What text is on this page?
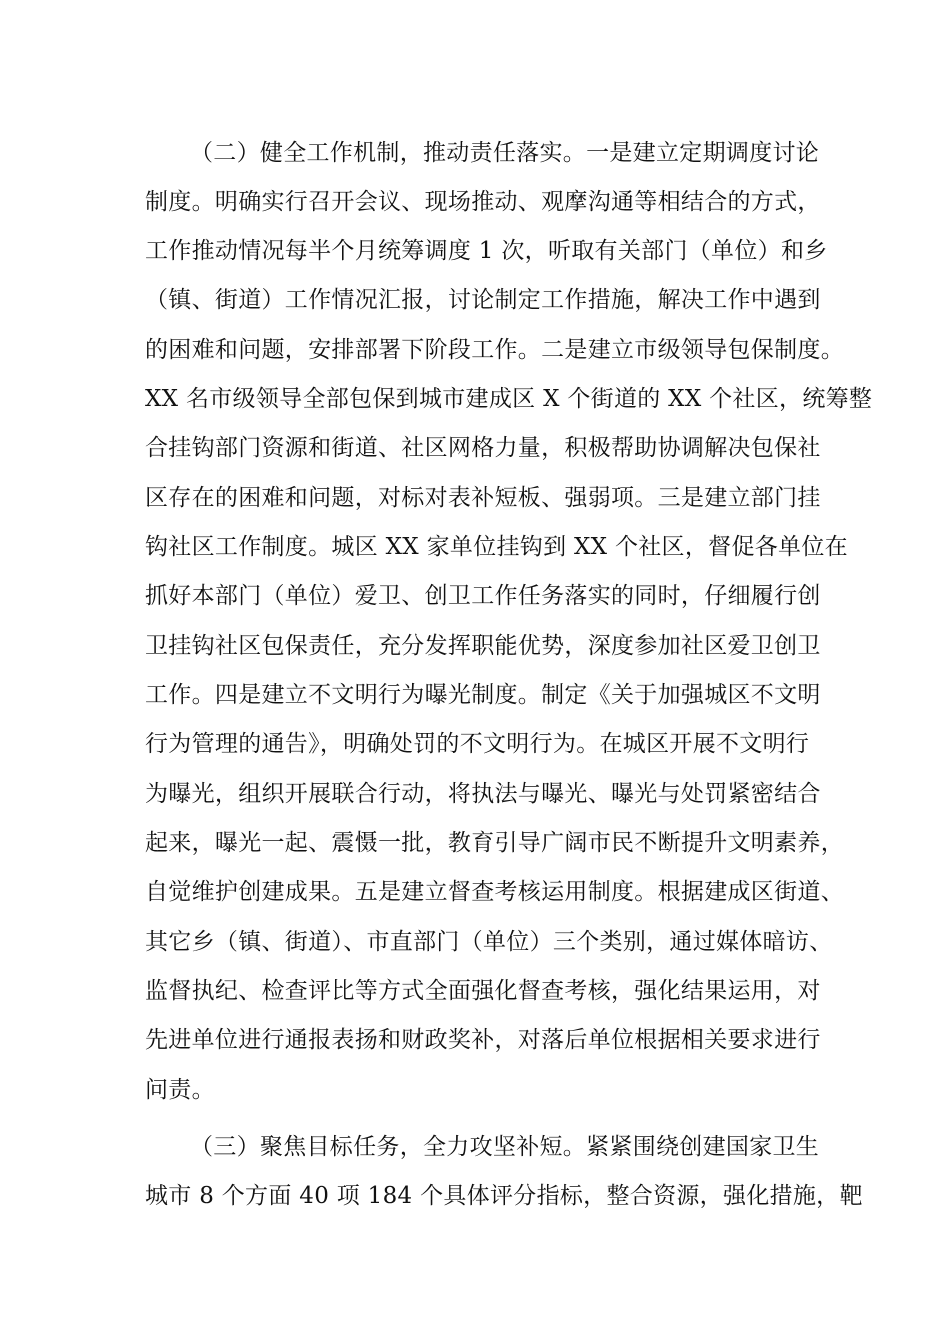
（二）健全工作机制，推动责任落实。一是建立定期调度讨论
制度。明确实行召开会议、现场推动、观摩沟通等相结合的方式，
工作推动情况每半个月统筹调度 1 次，听取有关部门（单位）和乡
（镇、街道）工作情况汇报，讨论制定工作措施，解决工作中遇到
的困难和问题，安排部署下阶段工作。二是建立市级领导包保制度。
XX 名市级领导全部包保到城市建成区 X 个街道的 XX 个社区，统筹整
合挂钩部门资源和街道、社区网格力量，积极帮助协调解决包保社
区存在的困难和问题，对标对表补短板、强弱项。三是建立部门挂
钩社区工作制度。城区 XX 家单位挂钩到 XX 个社区，督促各单位在
抓好本部门（单位）爱卫、创卫工作任务落实的同时，仔细履行创
卫挂钩社区包保责任，充分发挥职能优势，深度参加社区爱卫创卫
工作。四是建立不文明行为曝光制度。制定《关于加强城区不文明
行为管理的通告》，明确处罚的不文明行为。在城区开展不文明行
为曝光，组织开展联合行动，将执法与曝光、曝光与处罚紧密结合
起来，曝光一起、震慑一批，教育引导广阔市民不断提升文明素养，
自觉维护创建成果。五是建立督查考核运用制度。根据建成区街道、
其它乡（镇、街道）、市直部门（单位）三个类别，通过媒体暗访、
监督执纪、检查评比等方式全面强化督查考核，强化结果运用，对
先进单位进行通报表扬和财政奖补，对落后单位根据相关要求进行
问责。
（三）聚焦目标任务，全力攻坚补短。紧紧围绕创建国家卫生
城市 8 个方面 40 项 184 个具体评分指标，整合资源，强化措施，靶
